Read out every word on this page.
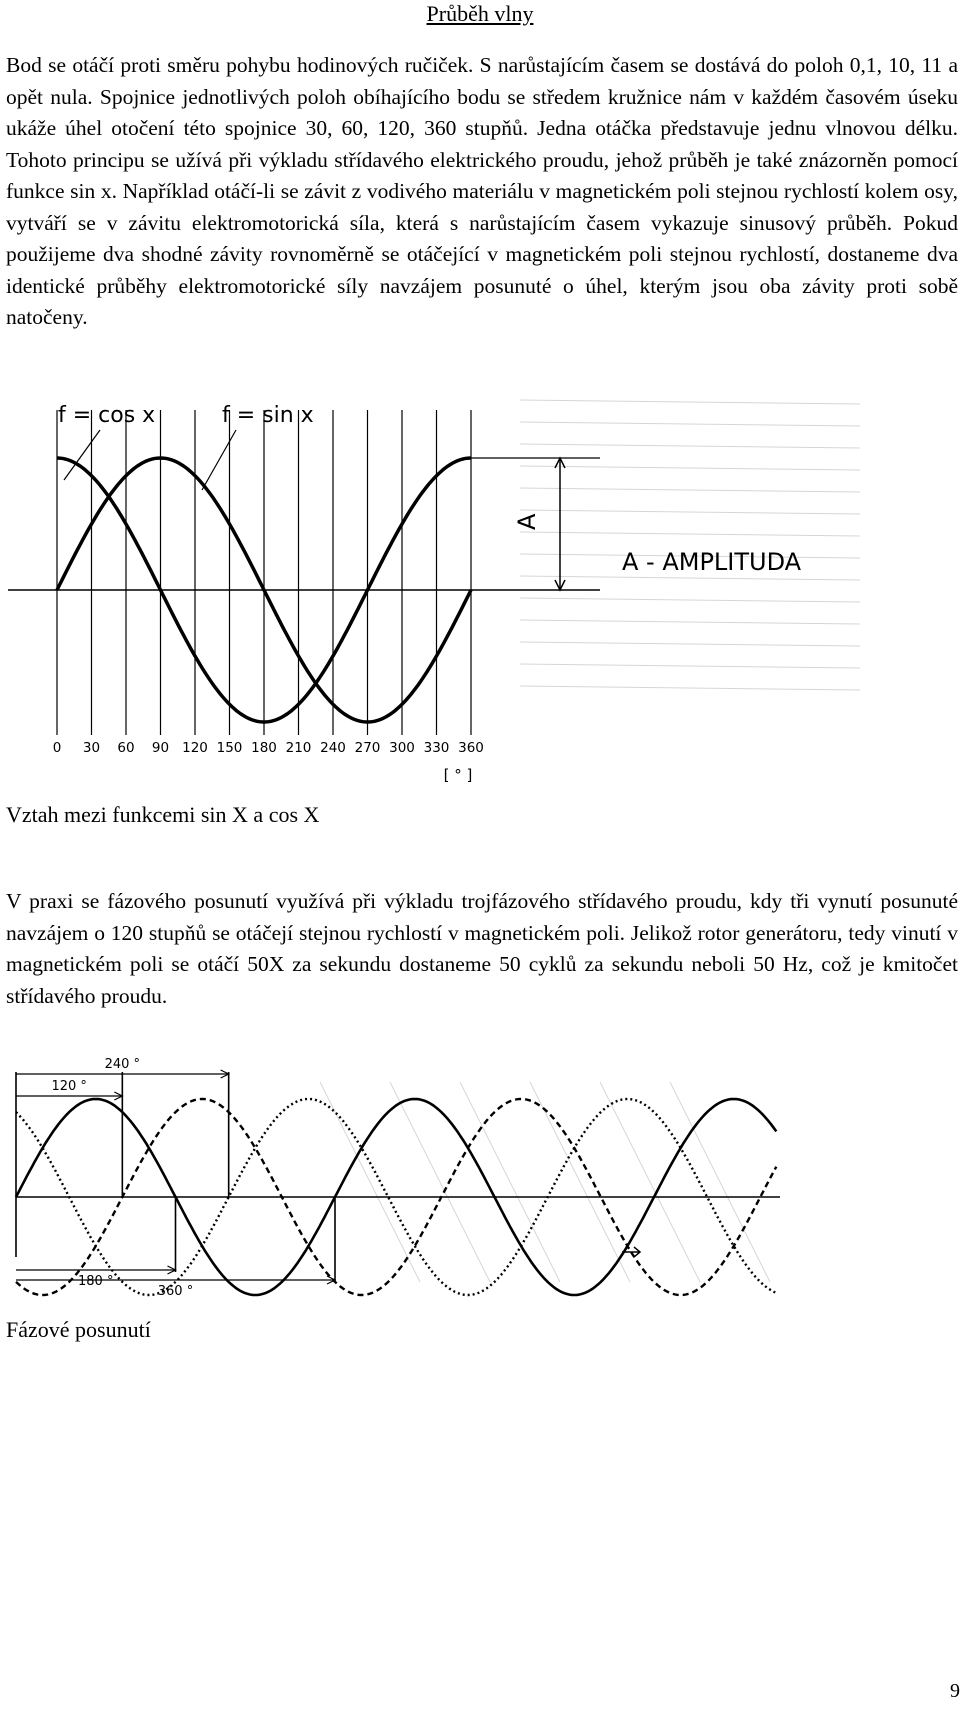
Průběh vlny

Bod se otáčí proti směru pohybu hodinových ručiček. S narůstajícím časem se dostává do poloh 0,1, 10, 11 a opět nula. Spojnice jednotlivých poloh obíhajícího bodu se středem kružnice nám v každém časovém úseku ukáže úhel otočení této spojnice 30, 60, 120, 360 stupňů. Jedna otáčka představuje jednu vlnovou délku. Tohoto principu se užívá při výkladu střídavého elektrického proudu, jehož průběh je také znázorněn pomocí funkce sin x. Například otáčí-li se závit z vodivého materiálu v magnetickém poli stejnou rychlostí kolem osy, vytváří se v závitu elektromotorická síla, která s narůstajícím časem vykazuje sinusový průběh. Pokud použijeme dva shodné závity rovnoměrně se otáčející v magnetickém poli stejnou rychlostí, dostaneme dva identické průběhy elektromotorické síly navzájem posunuté o úhel, kterým jsou oba závity proti sobě natočeny.

f = cos x	f = sin x
A
A - AMPLITUDA
0 30 60 90 120 150 180 210 240 270 300 330 360
[ ° ]
Vztah mezi funkcemi sin X a cos X

V praxi se fázového posunutí využívá při výkladu trojfázového střídavého proudu, kdy tři vynutí posunuté navzájem o 120 stupňů se otáčejí stejnou rychlostí v magnetickém poli. Jelikož rotor generátoru, tedy vinutí v magnetickém poli se otáčí 50X za sekundu dostaneme 50 cyklů za sekundu neboli 50 Hz, což je kmitočet střídavého proudu.

240 °
120 °
180 °
360 °
Fázové posunutí
9
